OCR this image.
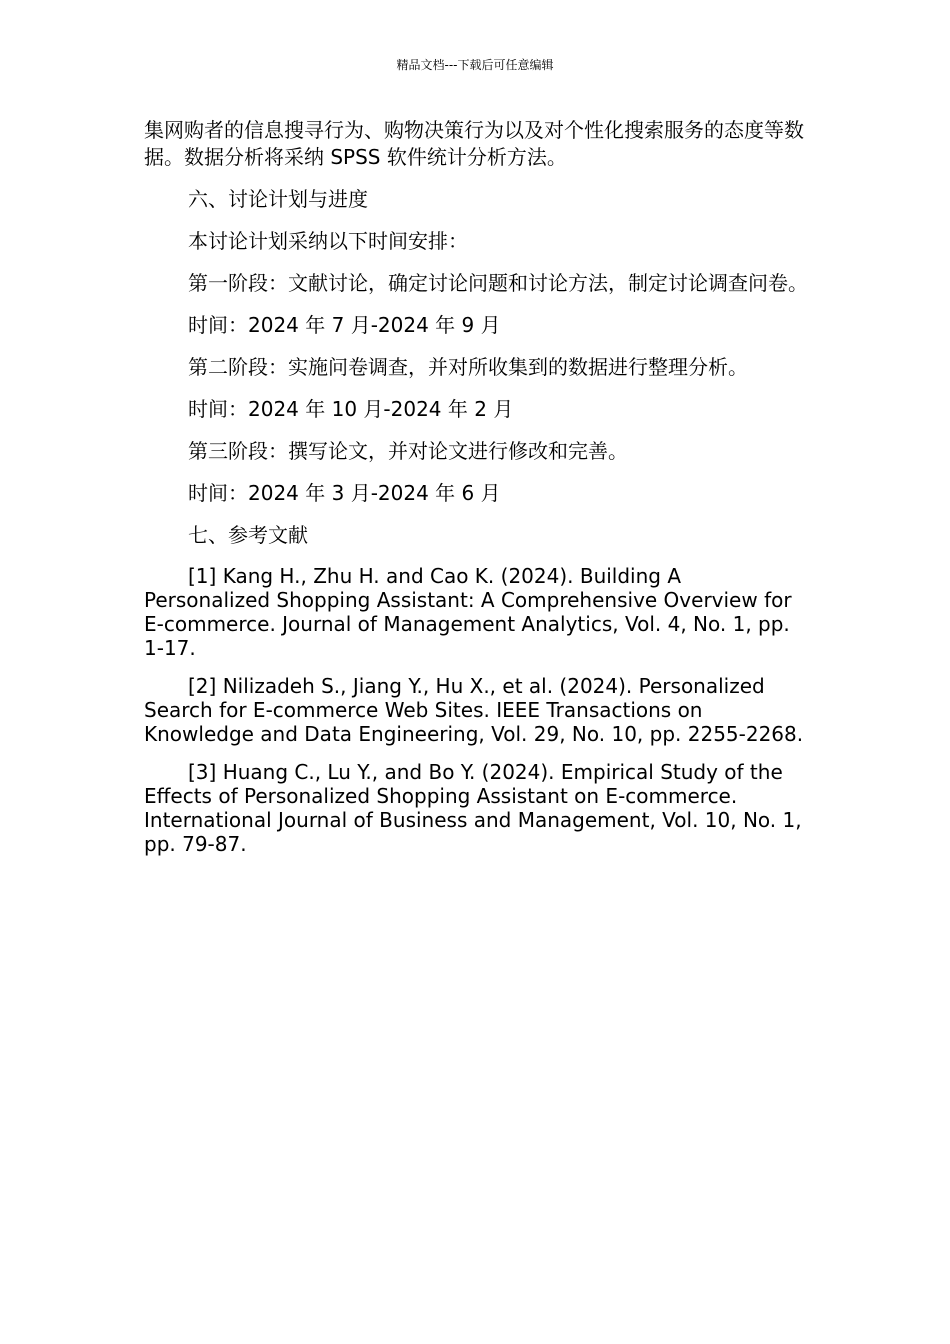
精品文档---下载后可任意编辑

集网购者的信息搜寻行为、购物决策行为以及对个性化搜索服务的态度等数据。数据分析将采纳 SPSS 软件统计分析方法。

六、讨论计划与进度

本讨论计划采纳以下时间安排：

第一阶段：文献讨论，确定讨论问题和讨论方法，制定讨论调查问卷。

时间：2024 年 7 月-2024 年 9 月

第二阶段：实施问卷调查，并对所收集到的数据进行整理分析。

时间：2024 年 10 月-2024 年 2 月

第三阶段：撰写论文，并对论文进行修改和完善。

时间：2024 年 3 月-2024 年 6 月

七、参考文献

[1] Kang H., Zhu H. and Cao K. (2024). Building A Personalized Shopping Assistant: A Comprehensive Overview for E-commerce. Journal of Management Analytics, Vol. 4, No. 1, pp. 1-17.

[2] Nilizadeh S., Jiang Y., Hu X., et al. (2024). Personalized Search for E-commerce Web Sites. IEEE Transactions on Knowledge and Data Engineering, Vol. 29, No. 10, pp. 2255-2268.

[3] Huang C., Lu Y., and Bo Y. (2024). Empirical Study of the Effects of Personalized Shopping Assistant on E-commerce. International Journal of Business and Management, Vol. 10, No. 1, pp. 79-87.
